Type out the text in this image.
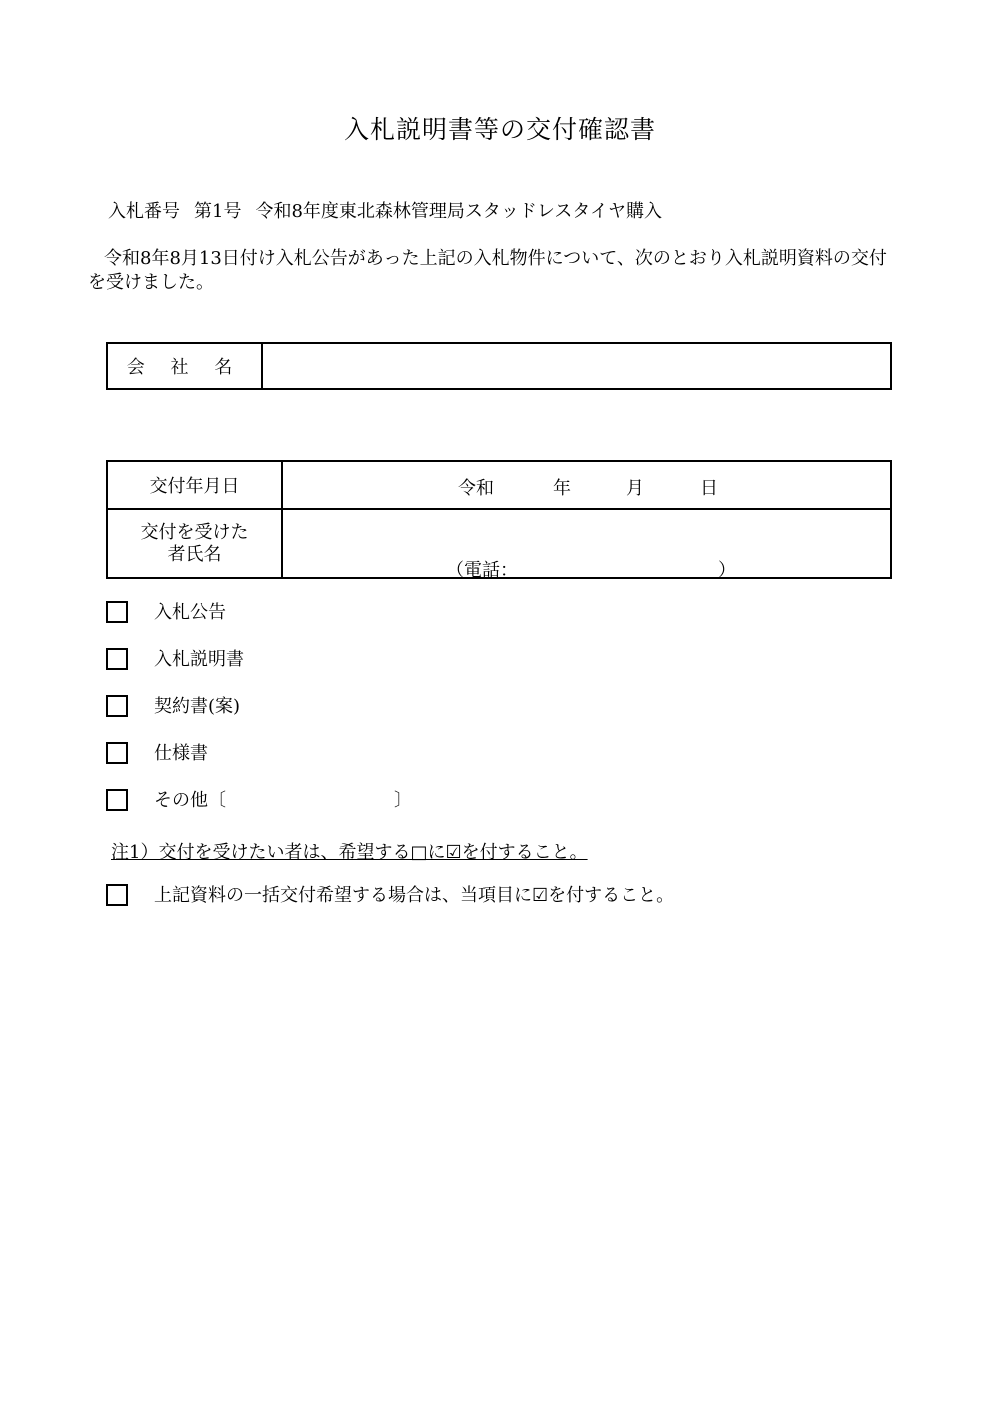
入札説明書等の交付確認書
入札番号 第1号 令和8年度東北森林管理局スタッドレスタイヤ購入
令和8年8月13日付け入札公告があった上記の入札物件について、次のとおり入札説明資料の交付を受けました。
会 社 名
交付年月日	令和	年	月	日
交付を受けた
者氏名
（電話：	）
入札公告
入札説明書
契約書(案)
仕様書
その他〔	〕
注1）交付を受けたい者は、希望する□に☑を付すること。
上記資料の一括交付希望する場合は、当項目に☑を付すること。
